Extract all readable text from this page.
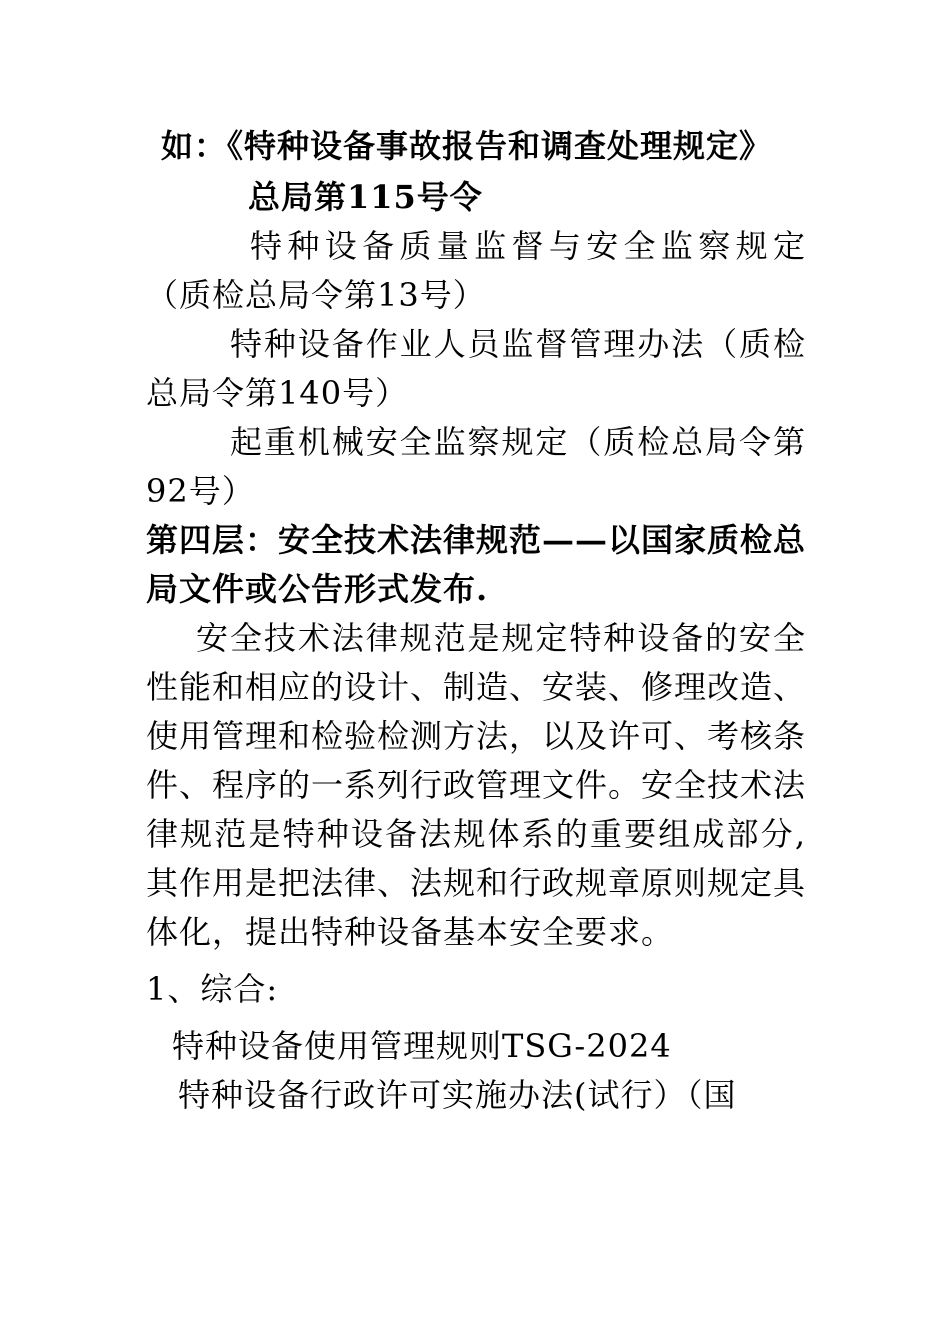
如：《特种设备事故报告和调查处理规定》

总局第115号令

特种设备质量监督与安全监察规定（质检总局令第13号）

特种设备作业人员监督管理办法（质检总局令第140号）

起重机械安全监察规定（质检总局令第92号）

第四层：安全技术法律规范——以国家质检总局文件或公告形式发布.

安全技术法律规范是规定特种设备的安全性能和相应的设计、制造、安装、修理改造、使用管理和检验检测方法，以及许可、考核条件、程序的一系列行政管理文件。安全技术法律规范是特种设备法规体系的重要组成部分,其作用是把法律、法规和行政规章原则规定具体化，提出特种设备基本安全要求。

1、综合:

特种设备使用管理规则TSG-2024

特种设备行政许可实施办法(试行）（国
